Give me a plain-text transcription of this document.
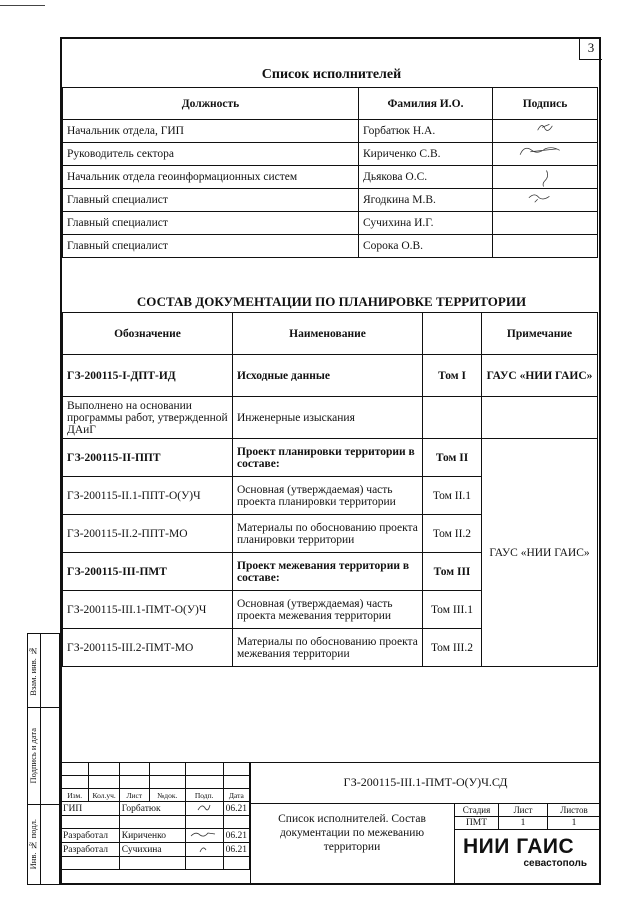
3
Список исполнителей
Должность	Фамилия И.О.	Подпись
Начальник отдела, ГИП	Горбатюк Н.А.	

Руководитель сектора	Кириченко С.В.	

Начальник отдела геоинформационных систем	Дьякова О.С.	

Главный специалист	Ягодкина М.В.	

Главный специалист	Сучихина И.Г.	
Главный специалист	Сорока О.В.	
СОСТАВ ДОКУМЕНТАЦИИ ПО ПЛАНИРОВКЕ ТЕРРИТОРИИ
Обозначение	Наименование		Примечание
ГЗ-200115-I-ДПТ-ИД	Исходные данные	Том I	ГАУС «НИИ ГАИС»
Выполнено на основании программы работ, утвержденной ДАиГ	Инженерные изыскания		
ГЗ-200115-II-ППТ	Проект планировки территории в составе:	Том II	ГАУС «НИИ ГАИС»
ГЗ-200115-II.1-ППТ-О(У)Ч	Основная (утверждаемая) часть проекта планировки территории	Том II.1	
ГЗ-200115-II.2-ППТ-МО	Материалы по обоснованию проекта планировки территории	Том II.2	
ГЗ-200115-III-ПМТ	Проект межевания территории в составе:	Том III	
ГЗ-200115-III.1-ПМТ-О(У)Ч	Основная (утверждаемая) часть проекта межевания территории	Том III.1	
ГЗ-200115-III.2-ПМТ-МО	Материалы по обоснованию проекта межевания территории	Том III.2	
Взам. инв. №	

Подпись и дата	

Инв. № подл.	

Изм.	Кол.уч.	Лист	№док.	Подп.	Дата
ГИП		Горбатюк			06.21

Разработал		Кириченко			06.21
Разработал		Сучихина			06.21

ГЗ-200115-III.1-ПМТ-О(У)Ч.СД
Список исполнителей. Состав документации по межеванию территории
Стадия	Лист	Листов
ПМТ	1	1
НИИ ГАИС
севастополь
